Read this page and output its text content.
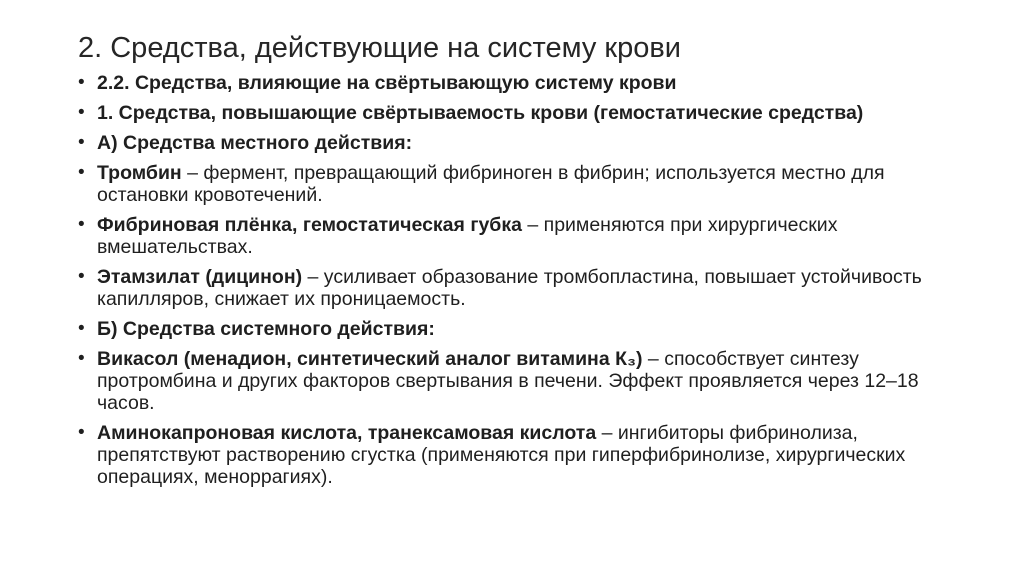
2. Средства, действующие на систему крови
• 2.2. Средства, влияющие на свёртывающую систему крови
• 1. Средства, повышающие свёртываемость крови (гемостатические средства)
• А) Средства местного действия:
• Тромбин – фермент, превращающий фибриноген в фибрин; используется местно для остановки кровотечений.
• Фибриновая плёнка, гемостатическая губка – применяются при хирургических вмешательствах.
• Этамзилат (дицинон) – усиливает образование тромбопластина, повышает устойчивость капилляров, снижает их проницаемость.
• Б) Средства системного действия:
• Викасол (менадион, синтетический аналог витамина К₃) – способствует синтезу протромбина и других факторов свертывания в печени. Эффект проявляется через 12–18 часов.
• Аминокапроновая кислота, транексамовая кислота – ингибиторы фибринолиза, препятствуют растворению сгустка (применяются при гиперфибринолизе, хирургических операциях, меноррагиях).
